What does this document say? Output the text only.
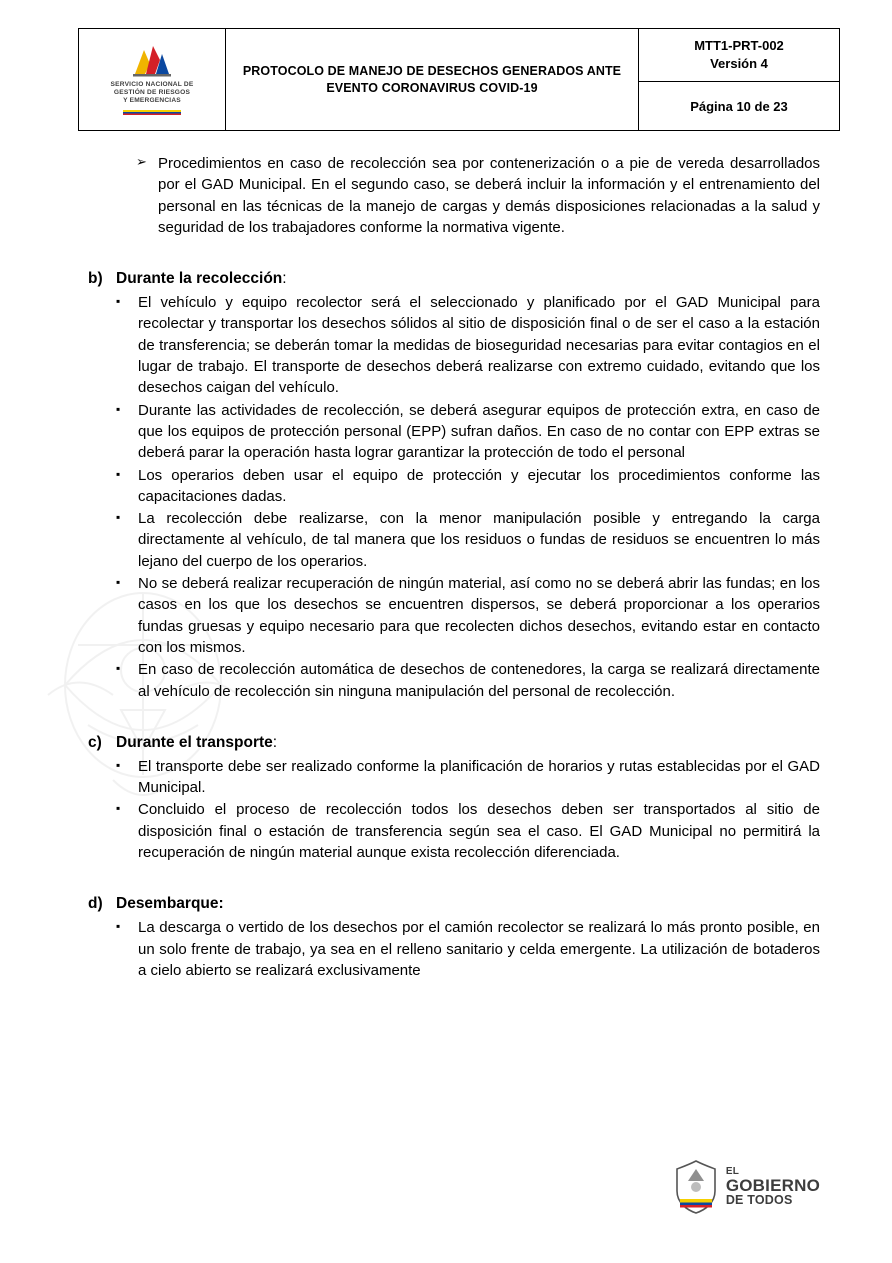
SERVICIO NACIONAL DE
GESTIÓN DE RIESGOS
Y EMERGENCIAS

PROTOCOLO DE MANEJO DE DESECHOS GENERADOS ANTE EVENTO CORONAVIRUS COVID-19

MTT1-PRT-002
Versión 4

Página 10 de 23
➢ Procedimientos en caso de recolección sea por contenerización o a pie de vereda desarrollados por el GAD Municipal. En el segundo caso, se deberá incluir la información y el entrenamiento del personal en las técnicas de la manejo de cargas y demás disposiciones relacionadas a la salud y seguridad de los trabajadores conforme la normativa vigente.
b) Durante la recolección:
▪	El vehículo y equipo recolector será el seleccionado y planificado por el GAD Municipal para recolectar y transportar los desechos sólidos al sitio de disposición final o de ser el caso a la estación de transferencia; se deberán tomar la medidas de bioseguridad necesarias para evitar contagios en el lugar de trabajo. El transporte de desechos deberá realizarse con extremo cuidado, evitando que los desechos caigan del vehículo.
▪	Durante las actividades de recolección, se deberá asegurar equipos de protección extra, en caso de que los equipos de protección personal (EPP) sufran daños. En caso de no contar con EPP extras se deberá parar la operación hasta lograr garantizar la protección de todo el personal
▪	Los operarios deben usar el equipo de protección y ejecutar los procedimientos conforme las capacitaciones dadas.
▪	La recolección debe realizarse, con la menor manipulación posible y entregando la carga directamente al vehículo, de tal manera que los residuos o fundas de residuos se encuentren lo más lejano del cuerpo de los operarios.
▪	No se deberá realizar recuperación de ningún material, así como no se deberá abrir las fundas; en los casos en los que los desechos se encuentren dispersos, se deberá proporcionar a los operarios fundas gruesas y equipo necesario para que recolecten dichos desechos, evitando estar en contacto con los mismos.
▪	En caso de recolección automática de desechos de contenedores, la carga se realizará directamente al vehículo de recolección sin ninguna manipulación del personal de recolección.
c) Durante el transporte:
▪	El transporte debe ser realizado conforme la planificación de horarios y rutas establecidas por el GAD Municipal.
▪	Concluido el proceso de recolección todos los desechos deben ser transportados al sitio de disposición final o estación de transferencia según sea el caso. El GAD Municipal no permitirá la recuperación de ningún material aunque exista recolección diferenciada.
d) Desembarque:
▪	La descarga o vertido de los desechos por el camión recolector se realizará lo más pronto posible, en un solo frente de trabajo, ya sea en el relleno sanitario y celda emergente. La utilización de botaderos a cielo abierto se realizará exclusivamente
EL
GOBIERNO
DE TODOS
